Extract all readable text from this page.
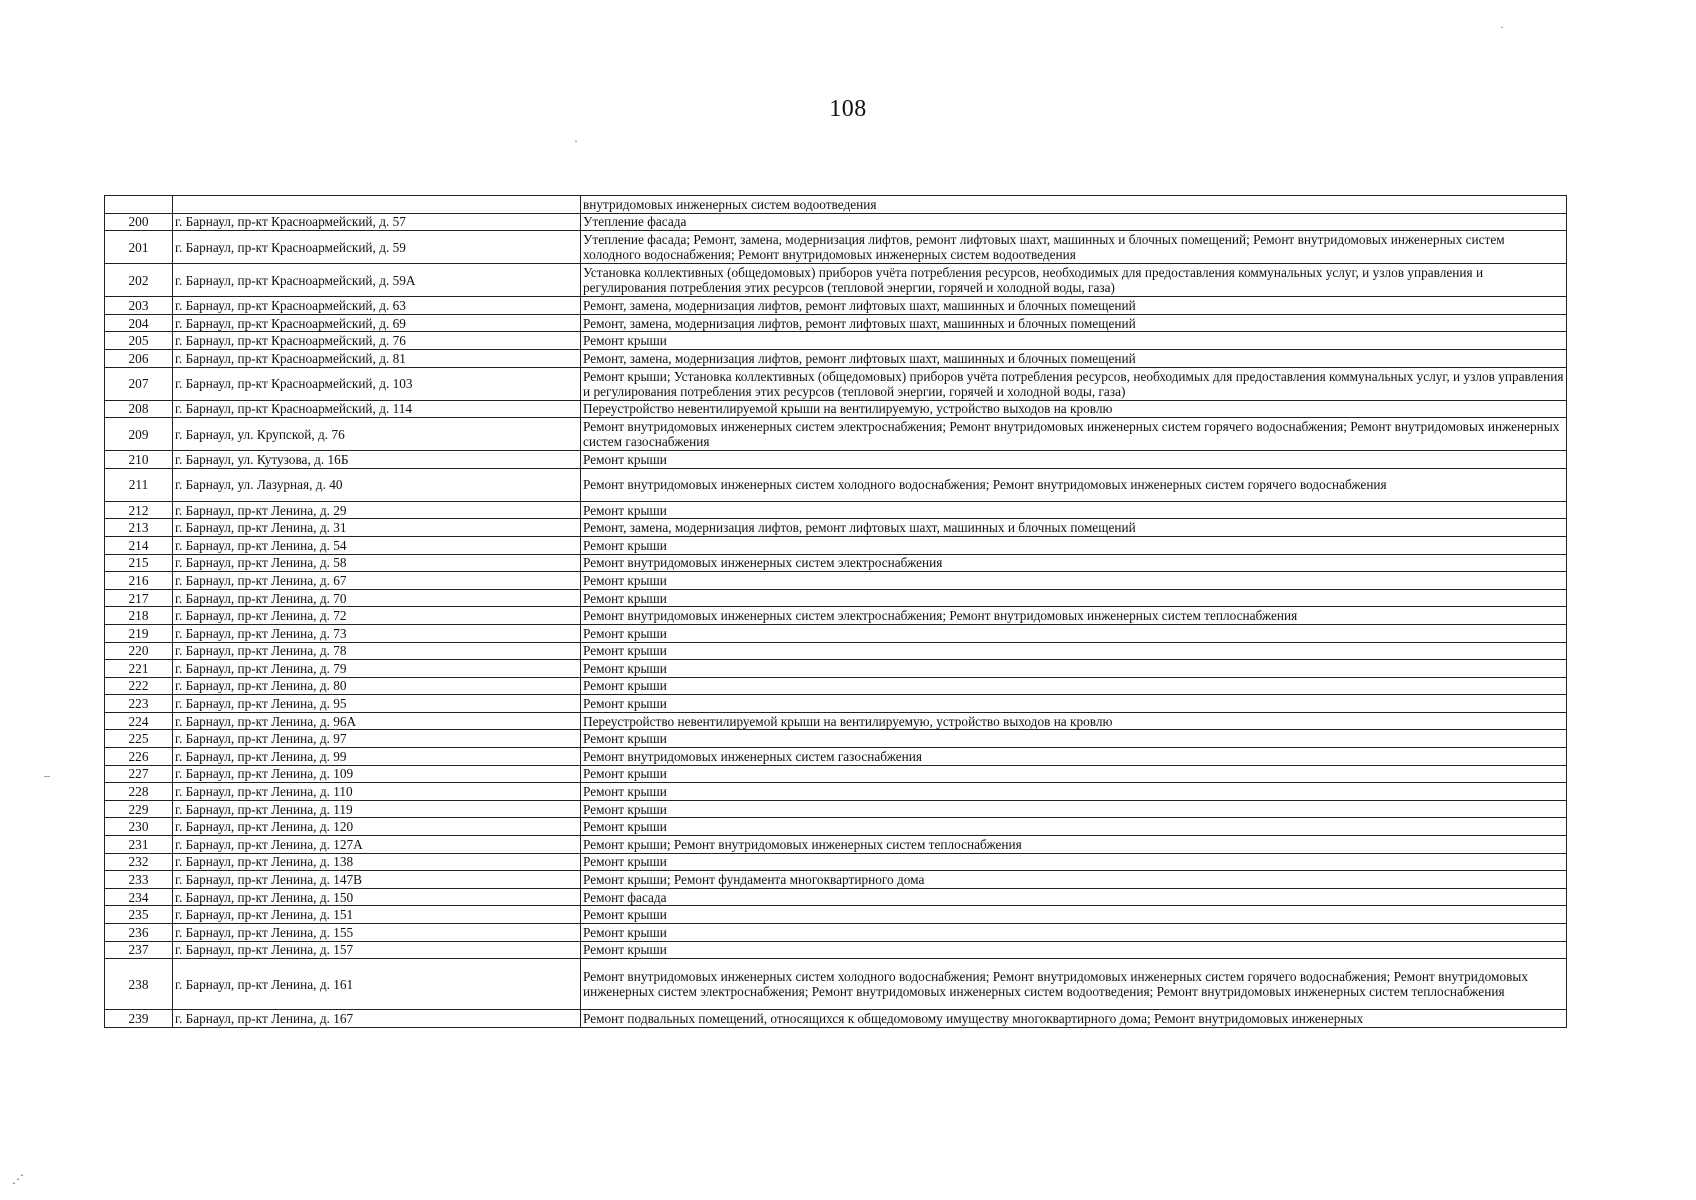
108
		внутридомовых инженерных систем водоотведения
200	г. Барнаул, пр-кт Красноармейский, д. 57	Утепление фасада
201	г. Барнаул, пр-кт Красноармейский, д. 59	Утепление фасада; Ремонт, замена, модернизация лифтов, ремонт лифтовых шахт, машинных и блочных помещений; Ремонт внутридомовых инженерных систем холодного водоснабжения; Ремонт внутридомовых инженерных систем водоотведения
202	г. Барнаул, пр-кт Красноармейский, д. 59А	Установка коллективных (общедомовых) приборов учёта потребления ресурсов, необходимых для предоставления коммунальных услуг, и узлов управления и регулирования потребления этих ресурсов (тепловой энергии, горячей и холодной воды, газа)
203	г. Барнаул, пр-кт Красноармейский, д. 63	Ремонт, замена, модернизация лифтов, ремонт лифтовых шахт, машинных и блочных помещений
204	г. Барнаул, пр-кт Красноармейский, д. 69	Ремонт, замена, модернизация лифтов, ремонт лифтовых шахт, машинных и блочных помещений
205	г. Барнаул, пр-кт Красноармейский, д. 76	Ремонт крыши
206	г. Барнаул, пр-кт Красноармейский, д. 81	Ремонт, замена, модернизация лифтов, ремонт лифтовых шахт, машинных и блочных помещений
207	г. Барнаул, пр-кт Красноармейский, д. 103	Ремонт крыши; Установка коллективных (общедомовых) приборов учёта потребления ресурсов, необходимых для предоставления коммунальных услуг, и узлов управления и регулирования потребления этих ресурсов (тепловой энергии, горячей и холодной воды, газа)
208	г. Барнаул, пр-кт Красноармейский, д. 114	Переустройство невентилируемой крыши на вентилируемую, устройство выходов на кровлю
209	г. Барнаул, ул. Крупской, д. 76	Ремонт внутридомовых инженерных систем электроснабжения; Ремонт внутридомовых инженерных систем горячего водоснабжения; Ремонт внутридомовых инженерных систем газоснабжения
210	г. Барнаул, ул. Кутузова, д. 16Б	Ремонт крыши
211	г. Барнаул, ул. Лазурная, д. 40	Ремонт внутридомовых инженерных систем холодного водоснабжения; Ремонт внутридомовых инженерных систем горячего водоснабжения
212	г. Барнаул, пр-кт Ленина, д. 29	Ремонт крыши
213	г. Барнаул, пр-кт Ленина, д. 31	Ремонт, замена, модернизация лифтов, ремонт лифтовых шахт, машинных и блочных помещений
214	г. Барнаул, пр-кт Ленина, д. 54	Ремонт крыши
215	г. Барнаул, пр-кт Ленина, д. 58	Ремонт внутридомовых инженерных систем электроснабжения
216	г. Барнаул, пр-кт Ленина, д. 67	Ремонт крыши
217	г. Барнаул, пр-кт Ленина, д. 70	Ремонт крыши
218	г. Барнаул, пр-кт Ленина, д. 72	Ремонт внутридомовых инженерных систем электроснабжения; Ремонт внутридомовых инженерных систем теплоснабжения
219	г. Барнаул, пр-кт Ленина, д. 73	Ремонт крыши
220	г. Барнаул, пр-кт Ленина, д. 78	Ремонт крыши
221	г. Барнаул, пр-кт Ленина, д. 79	Ремонт крыши
222	г. Барнаул, пр-кт Ленина, д. 80	Ремонт крыши
223	г. Барнаул, пр-кт Ленина, д. 95	Ремонт крыши
224	г. Барнаул, пр-кт Ленина, д. 96А	Переустройство невентилируемой крыши на вентилируемую, устройство выходов на кровлю
225	г. Барнаул, пр-кт Ленина, д. 97	Ремонт крыши
226	г. Барнаул, пр-кт Ленина, д. 99	Ремонт внутридомовых инженерных систем газоснабжения
227	г. Барнаул, пр-кт Ленина, д. 109	Ремонт крыши
228	г. Барнаул, пр-кт Ленина, д. 110	Ремонт крыши
229	г. Барнаул, пр-кт Ленина, д. 119	Ремонт крыши
230	г. Барнаул, пр-кт Ленина, д. 120	Ремонт крыши
231	г. Барнаул, пр-кт Ленина, д. 127А	Ремонт крыши; Ремонт внутридомовых инженерных систем теплоснабжения
232	г. Барнаул, пр-кт Ленина, д. 138	Ремонт крыши
233	г. Барнаул, пр-кт Ленина, д. 147В	Ремонт крыши; Ремонт фундамента многоквартирного дома
234	г. Барнаул, пр-кт Ленина, д. 150	Ремонт фасада
235	г. Барнаул, пр-кт Ленина, д. 151	Ремонт крыши
236	г. Барнаул, пр-кт Ленина, д. 155	Ремонт крыши
237	г. Барнаул, пр-кт Ленина, д. 157	Ремонт крыши
238	г. Барнаул, пр-кт Ленина, д. 161	Ремонт внутридомовых инженерных систем холодного водоснабжения; Ремонт внутридомовых инженерных систем горячего водоснабжения; Ремонт внутридомовых инженерных систем электроснабжения; Ремонт внутридомовых инженерных систем водоотведения; Ремонт внутридомовых инженерных систем теплоснабжения
239	г. Барнаул, пр-кт Ленина, д. 167	Ремонт подвальных помещений, относящихся к общедомовому имуществу многоквартирного дома; Ремонт внутридомовых инженерных
·
·
–
⋰
